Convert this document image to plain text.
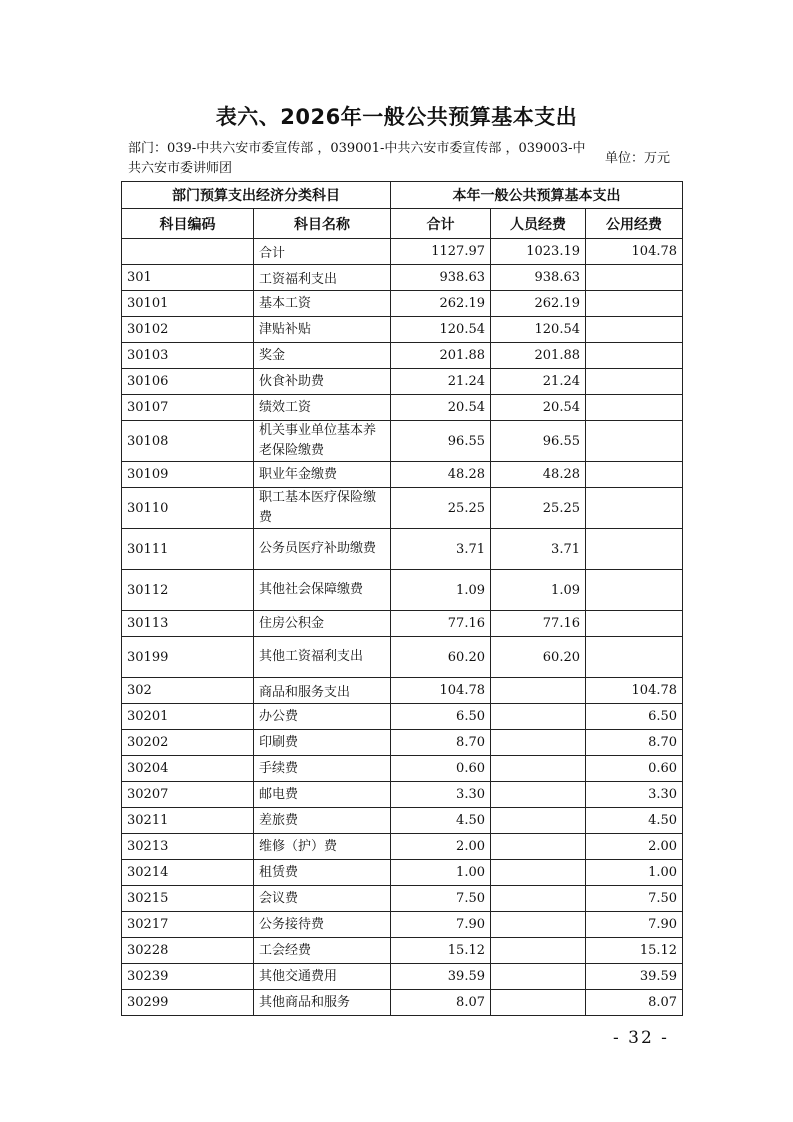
表六、2026年一般公共预算基本支出
部门：039-中共六安市委宣传部 ，039001-中共六安市委宣传部 ，039003-中共六安市委讲师团
单位：万元
部门预算支出经济分类科目		本年一般公共预算基本支出		
科目编码	科目名称	合计	人员经费	公用经费
	合计	1127.97	1023.19	104.78
301	工资福利支出	938.63	938.63	
30101	基本工资	262.19	262.19	
30102	津贴补贴	120.54	120.54	
30103	奖金	201.88	201.88	
30106	伙食补助费	21.24	21.24	
30107	绩效工资	20.54	20.54	
30108	机关事业单位基本养老保险缴费	96.55	96.55	
30109	职业年金缴费	48.28	48.28	
30110	职工基本医疗保险缴费	25.25	25.25	
30111	公务员医疗补助缴费	3.71	3.71	
30112	其他社会保障缴费	1.09	1.09	
30113	住房公积金	77.16	77.16	
30199	其他工资福利支出	60.20	60.20	
302	商品和服务支出	104.78		104.78
30201	办公费	6.50		6.50
30202	印刷费	8.70		8.70
30204	手续费	0.60		0.60
30207	邮电费	3.30		3.30
30211	差旅费	4.50		4.50
30213	维修（护）费	2.00		2.00
30214	租赁费	1.00		1.00
30215	会议费	7.50		7.50
30217	公务接待费	7.90		7.90
30228	工会经费	15.12		15.12
30239	其他交通费用	39.59		39.59
30299	其他商品和服务	8.07		8.07
- 32 -
